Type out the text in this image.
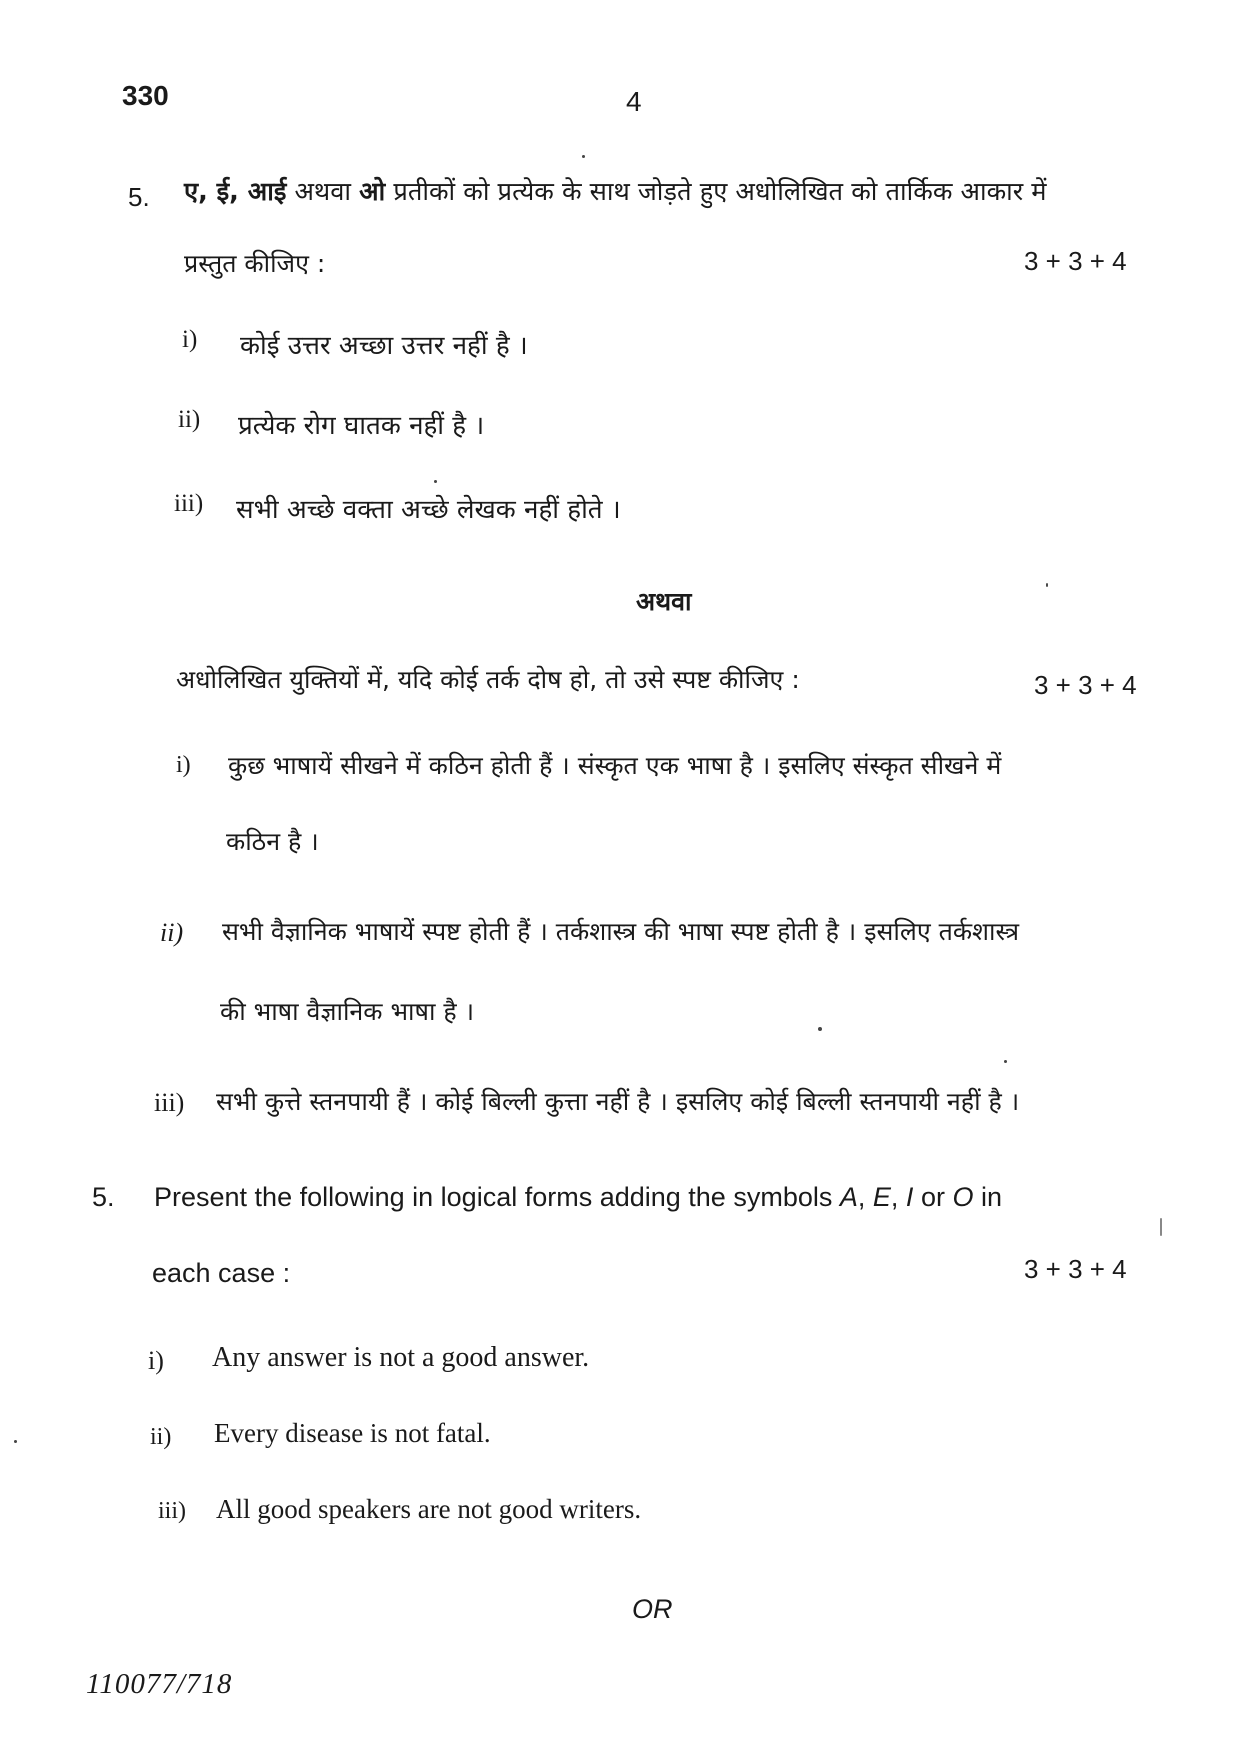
330	4
5. ए, ई, आई अथवा ओ प्रतीकों को प्रत्येक के साथ जोड़ते हुए अधोलिखित को तार्किक आकार में
प्रस्तुत कीजिए :	3 + 3 + 4
i) कोई उत्तर अच्छा उत्तर नहीं है ।
ii) प्रत्येक रोग घातक नहीं है ।
iii) सभी अच्छे वक्ता अच्छे लेखक नहीं होते ।
अथवा
अधोलिखित युक्तियों में, यदि कोई तर्क दोष हो, तो उसे स्पष्ट कीजिए :	3 + 3 + 4
i) कुछ भाषायें सीखने में कठिन होती हैं । संस्कृत एक भाषा है । इसलिए संस्कृत सीखने में
कठिन है ।
ii) सभी वैज्ञानिक भाषायें स्पष्ट होती हैं । तर्कशास्त्र की भाषा स्पष्ट होती है । इसलिए तर्कशास्त्र
की भाषा वैज्ञानिक भाषा है ।
iii) सभी कुत्ते स्तनपायी हैं । कोई बिल्ली कुत्ता नहीं है । इसलिए कोई बिल्ली स्तनपायी नहीं है ।
5. Present the following in logical forms adding the symbols A, E, I or O in
each case :	3 + 3 + 4
i) Any answer is not a good answer.
ii) Every disease is not fatal.
iii) All good speakers are not good writers.
OR
110077/718
